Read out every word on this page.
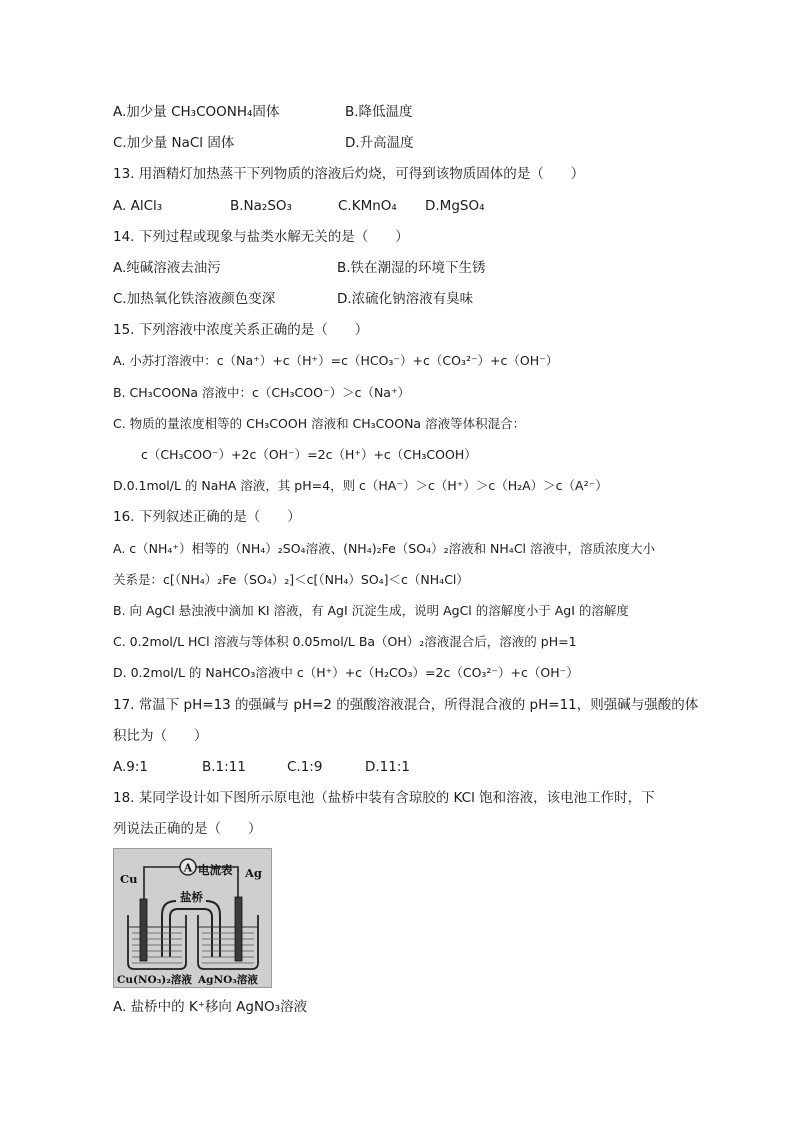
A.加少量 CH₃COONH₄固体	B.降低温度
C.加少量 NaCl 固体	D.升高温度
13. 用酒精灯加热蒸干下列物质的溶液后灼烧，可得到该物质固体的是（　　）
A. AlCl₃	B.Na₂SO₃	C.KMnO₄ D.MgSO₄
14. 下列过程或现象与盐类水解无关的是（　　）
A.纯碱溶液去油污	B.铁在潮湿的环境下生锈
C.加热氧化铁溶液颜色变深	D.浓硫化钠溶液有臭味
15. 下列溶液中浓度关系正确的是（　　）
A. 小苏打溶液中：c（Na⁺）+c（H⁺）=c（HCO₃⁻）+c（CO₃²⁻）+c（OH⁻）
B. CH₃COONa 溶液中：c（CH₃COO⁻）＞c（Na⁺）
C. 物质的量浓度相等的 CH₃COOH 溶液和 CH₃COONa 溶液等体积混合：
c（CH₃COO⁻）+2c（OH⁻）=2c（H⁺）+c（CH₃COOH）
D.0.1mol/L 的 NaHA 溶液，其 pH=4，则 c（HA⁻）＞c（H⁺）＞c（H₂A）＞c（A²⁻）
16. 下列叙述正确的是（　　）
A. c（NH₄⁺）相等的（NH₄）₂SO₄溶液、(NH₄)₂Fe（SO₄）₂溶液和 NH₄Cl 溶液中，溶质浓度大小
关系是：c[（NH₄）₂Fe（SO₄）₂]＜c[（NH₄）SO₄]＜c（NH₄Cl）
B. 向 AgCl 悬浊液中滴加 KI 溶液，有 AgI 沉淀生成，说明 AgCl 的溶解度小于 AgI 的溶解度
C. 0.2mol/L HCl 溶液与等体积 0.05mol/L Ba（OH）₂溶液混合后，溶液的 pH=1
D. 0.2mol/L 的 NaHCO₃溶液中 c（H⁺）+c（H₂CO₃）=2c（CO₃²⁻）+c（OH⁻）
17. 常温下 pH=13 的强碱与 pH=2 的强酸溶液混合，所得混合液的 pH=11，则强碱与强酸的体
积比为（　　）
A.9:1	B.1:11	C.1:9	D.11:1
18. 某同学设计如下图所示原电池（盐桥中装有含琼胶的 KCl 饱和溶液，该电池工作时，下
列说法正确的是（　　）
A 电流表
Cu	Ag
盐桥
Cu(NO₃)₂溶液 AgNO₃溶液
A. 盐桥中的 K⁺移向 AgNO₃溶液
